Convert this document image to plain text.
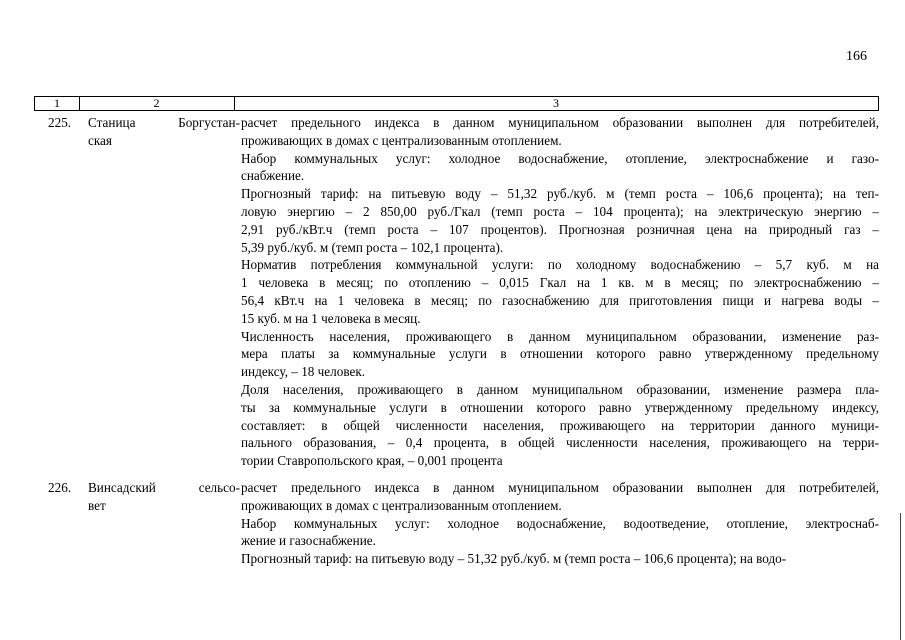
166
1	2	3
225. Станица Боргустан-
ская
расчет предельного индекса в данном муниципальном образовании выполнен для потребителей,
проживающих в домах с централизованным отоплением.
Набор коммунальных услуг: холодное водоснабжение, отопление, электроснабжение и газо-
снабжение.
Прогнозный тариф: на питьевую воду – 51,32 руб./куб. м (темп роста – 106,6 процента); на теп-
ловую энергию – 2 850,00 руб./Гкал (темп роста – 104 процента); на электрическую энергию –
2,91 руб./кВт.ч (темп роста – 107 процентов). Прогнозная розничная цена на природный газ –
5,39 руб./куб. м (темп роста – 102,1 процента).
Норматив потребления коммунальной услуги: по холодному водоснабжению – 5,7 куб. м на
1 человека в месяц; по отоплению – 0,015 Гкал на 1 кв. м в месяц; по электроснабжению –
56,4 кВт.ч на 1 человека в месяц; по газоснабжению для приготовления пищи и нагрева воды –
15 куб. м на 1 человека в месяц.
Численность населения, проживающего в данном муниципальном образовании, изменение раз-
мера платы за коммунальные услуги в отношении которого равно утвержденному предельному
индексу, – 18 человек.
Доля населения, проживающего в данном муниципальном образовании, изменение размера пла-
ты за коммунальные услуги в отношении которого равно утвержденному предельному индексу,
составляет: в общей численности населения, проживающего на территории данного муници-
пального образования, – 0,4 процента, в общей численности населения, проживающего на терри-
тории Ставропольского края, – 0,001 процента
226. Винсадский сельсо-
вет
расчет предельного индекса в данном муниципальном образовании выполнен для потребителей,
проживающих в домах с централизованным отоплением.
Набор коммунальных услуг: холодное водоснабжение, водоотведение, отопление, электроснаб-
жение и газоснабжение.
Прогнозный тариф: на питьевую воду – 51,32 руб./куб. м (темп роста – 106,6 процента); на водо-
